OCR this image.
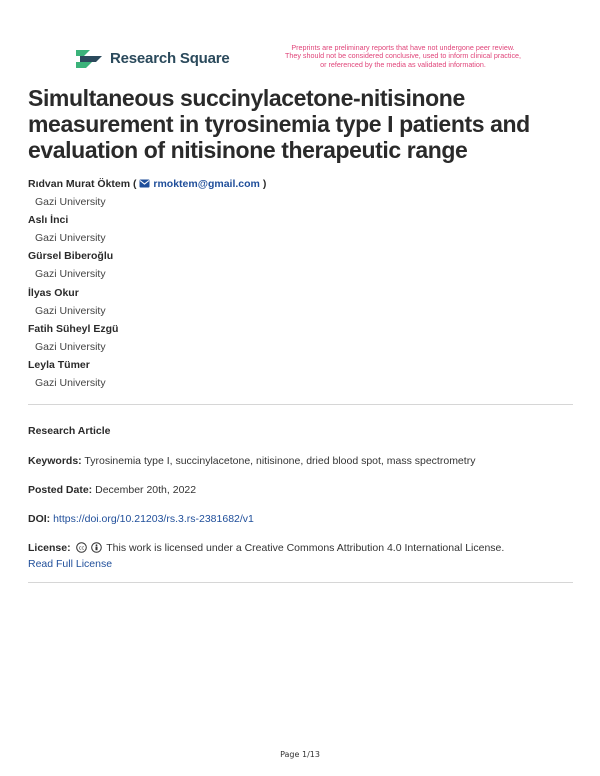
Research Square
Preprints are preliminary reports that have not undergone peer review.
They should not be considered conclusive, used to inform clinical practice,
or referenced by the media as validated information.
Simultaneous succinylacetone-nitisinone measurement in tyrosinemia type I patients and evaluation of nitisinone therapeutic range
Rıdvan Murat Öktem ( rmoktem@gmail.com )
Gazi University
Aslı İnci
Gazi University
Gürsel Biberoğlu
Gazi University
İlyas Okur
Gazi University
Fatih Süheyl Ezgü
Gazi University
Leyla Tümer
Gazi University
Research Article
Keywords: Tyrosinemia type I, succinylacetone, nitisinone, dried blood spot, mass spectrometry
Posted Date: December 20th, 2022
DOI: https://doi.org/10.21203/rs.3.rs-2381682/v1
License: cc This work is licensed under a Creative Commons Attribution 4.0 International License.
Read Full License
Page 1/13
